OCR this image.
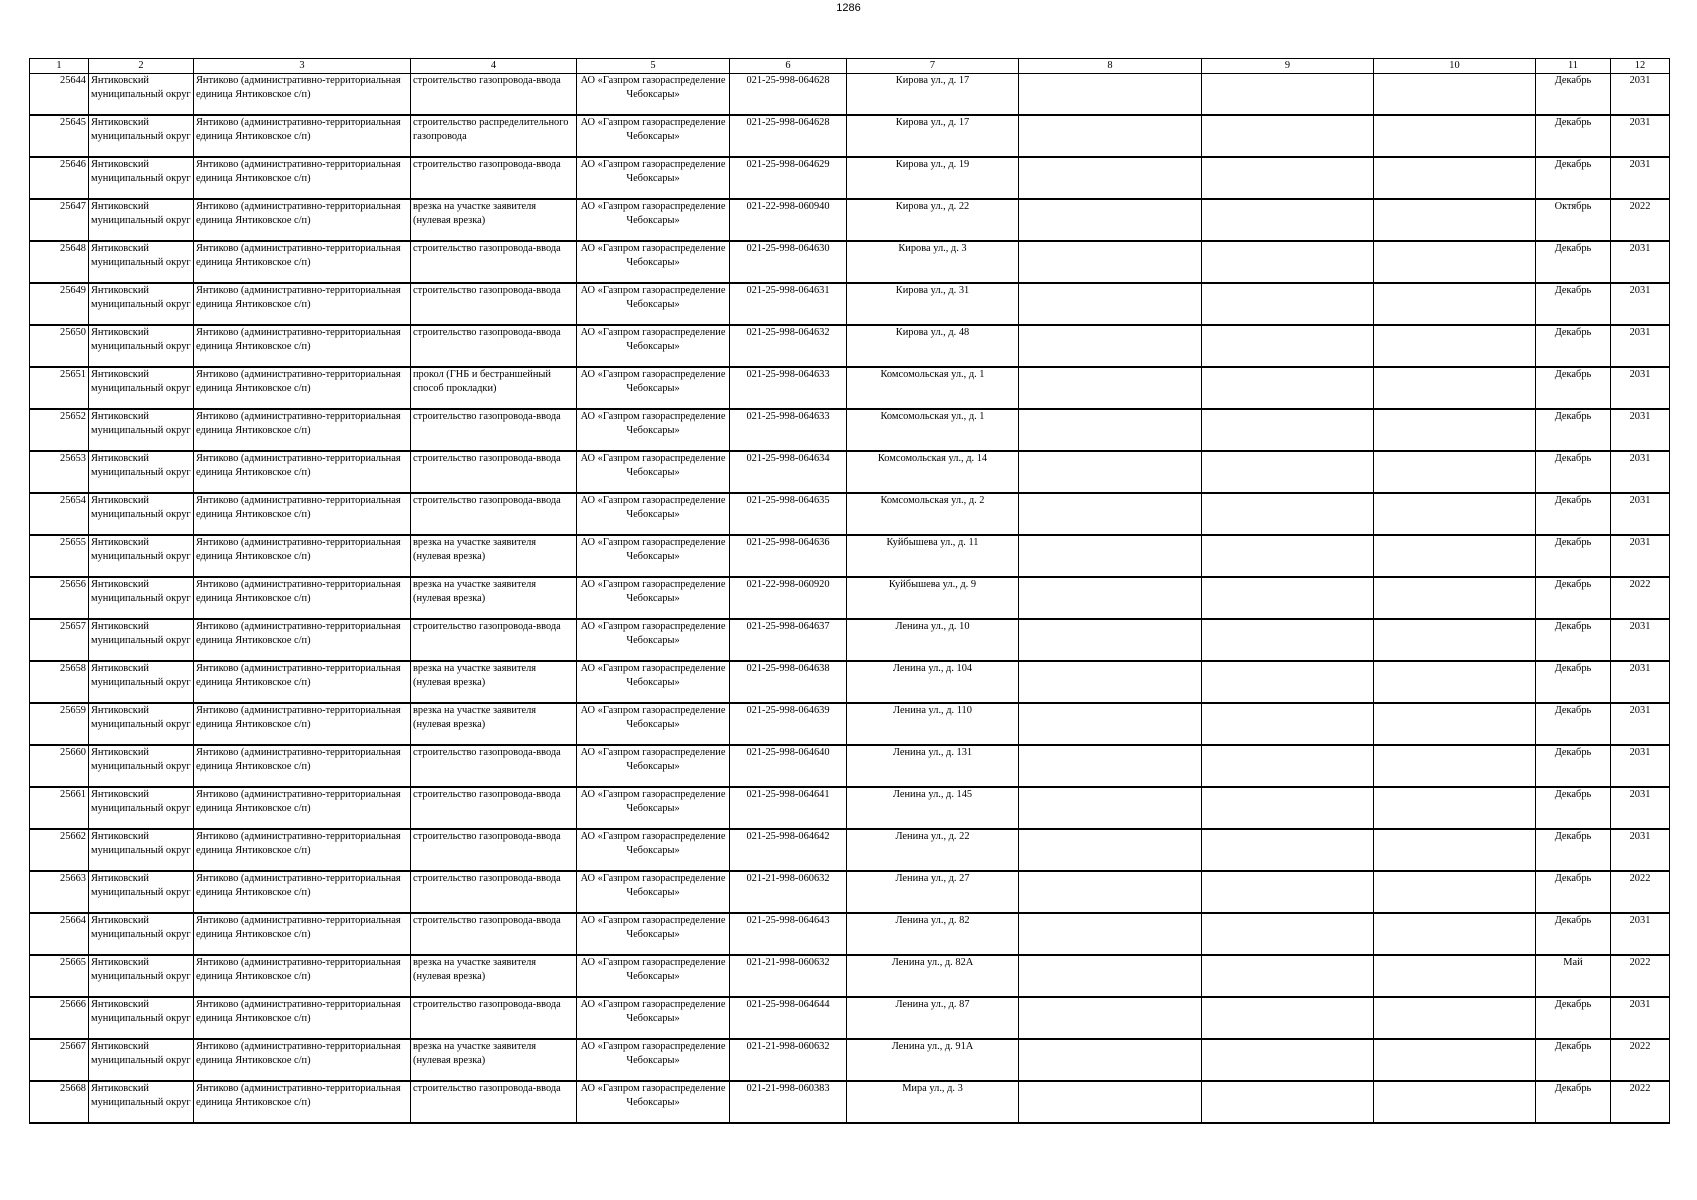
1286
1	2	3	4	5	6	7	8	9	10	11	12
25644	Янтиковский муниципальный округ	Янтиково (административно-территориальная единица Янтиковское с/п)	строительство газопровода-ввода	АО «Газпром газораспределение Чебоксары»	021-25-998-064628	Кирова ул., д. 17				Декабрь	2031
25645	Янтиковский муниципальный округ	Янтиково (административно-территориальная единица Янтиковское с/п)	строительство распределительного газопровода	АО «Газпром газораспределение Чебоксары»	021-25-998-064628	Кирова ул., д. 17				Декабрь	2031
25646	Янтиковский муниципальный округ	Янтиково (административно-территориальная единица Янтиковское с/п)	строительство газопровода-ввода	АО «Газпром газораспределение Чебоксары»	021-25-998-064629	Кирова ул., д. 19				Декабрь	2031
25647	Янтиковский муниципальный округ	Янтиково (административно-территориальная единица Янтиковское с/п)	врезка на участке заявителя (нулевая врезка)	АО «Газпром газораспределение Чебоксары»	021-22-998-060940	Кирова ул., д. 22				Октябрь	2022
25648	Янтиковский муниципальный округ	Янтиково (административно-территориальная единица Янтиковское с/п)	строительство газопровода-ввода	АО «Газпром газораспределение Чебоксары»	021-25-998-064630	Кирова ул., д. 3				Декабрь	2031
25649	Янтиковский муниципальный округ	Янтиково (административно-территориальная единица Янтиковское с/п)	строительство газопровода-ввода	АО «Газпром газораспределение Чебоксары»	021-25-998-064631	Кирова ул., д. 31				Декабрь	2031
25650	Янтиковский муниципальный округ	Янтиково (административно-территориальная единица Янтиковское с/п)	строительство газопровода-ввода	АО «Газпром газораспределение Чебоксары»	021-25-998-064632	Кирова ул., д. 48				Декабрь	2031
25651	Янтиковский муниципальный округ	Янтиково (административно-территориальная единица Янтиковское с/п)	прокол (ГНБ и бестраншейный способ прокладки)	АО «Газпром газораспределение Чебоксары»	021-25-998-064633	Комсомольская ул., д. 1				Декабрь	2031
25652	Янтиковский муниципальный округ	Янтиково (административно-территориальная единица Янтиковское с/п)	строительство газопровода-ввода	АО «Газпром газораспределение Чебоксары»	021-25-998-064633	Комсомольская ул., д. 1				Декабрь	2031
25653	Янтиковский муниципальный округ	Янтиково (административно-территориальная единица Янтиковское с/п)	строительство газопровода-ввода	АО «Газпром газораспределение Чебоксары»	021-25-998-064634	Комсомольская ул., д. 14				Декабрь	2031
25654	Янтиковский муниципальный округ	Янтиково (административно-территориальная единица Янтиковское с/п)	строительство газопровода-ввода	АО «Газпром газораспределение Чебоксары»	021-25-998-064635	Комсомольская ул., д. 2				Декабрь	2031
25655	Янтиковский муниципальный округ	Янтиково (административно-территориальная единица Янтиковское с/п)	врезка на участке заявителя (нулевая врезка)	АО «Газпром газораспределение Чебоксары»	021-25-998-064636	Куйбышева ул., д. 11				Декабрь	2031
25656	Янтиковский муниципальный округ	Янтиково (административно-территориальная единица Янтиковское с/п)	врезка на участке заявителя (нулевая врезка)	АО «Газпром газораспределение Чебоксары»	021-22-998-060920	Куйбышева ул., д. 9				Декабрь	2022
25657	Янтиковский муниципальный округ	Янтиково (административно-территориальная единица Янтиковское с/п)	строительство газопровода-ввода	АО «Газпром газораспределение Чебоксары»	021-25-998-064637	Ленина ул., д. 10				Декабрь	2031
25658	Янтиковский муниципальный округ	Янтиково (административно-территориальная единица Янтиковское с/п)	врезка на участке заявителя (нулевая врезка)	АО «Газпром газораспределение Чебоксары»	021-25-998-064638	Ленина ул., д. 104				Декабрь	2031
25659	Янтиковский муниципальный округ	Янтиково (административно-территориальная единица Янтиковское с/п)	врезка на участке заявителя (нулевая врезка)	АО «Газпром газораспределение Чебоксары»	021-25-998-064639	Ленина ул., д. 110				Декабрь	2031
25660	Янтиковский муниципальный округ	Янтиково (административно-территориальная единица Янтиковское с/п)	строительство газопровода-ввода	АО «Газпром газораспределение Чебоксары»	021-25-998-064640	Ленина ул., д. 131				Декабрь	2031
25661	Янтиковский муниципальный округ	Янтиково (административно-территориальная единица Янтиковское с/п)	строительство газопровода-ввода	АО «Газпром газораспределение Чебоксары»	021-25-998-064641	Ленина ул., д. 145				Декабрь	2031
25662	Янтиковский муниципальный округ	Янтиково (административно-территориальная единица Янтиковское с/п)	строительство газопровода-ввода	АО «Газпром газораспределение Чебоксары»	021-25-998-064642	Ленина ул., д. 22				Декабрь	2031
25663	Янтиковский муниципальный округ	Янтиково (административно-территориальная единица Янтиковское с/п)	строительство газопровода-ввода	АО «Газпром газораспределение Чебоксары»	021-21-998-060632	Ленина ул., д. 27				Декабрь	2022
25664	Янтиковский муниципальный округ	Янтиково (административно-территориальная единица Янтиковское с/п)	строительство газопровода-ввода	АО «Газпром газораспределение Чебоксары»	021-25-998-064643	Ленина ул., д. 82				Декабрь	2031
25665	Янтиковский муниципальный округ	Янтиково (административно-территориальная единица Янтиковское с/п)	врезка на участке заявителя (нулевая врезка)	АО «Газпром газораспределение Чебоксары»	021-21-998-060632	Ленина ул., д. 82А				Май	2022
25666	Янтиковский муниципальный округ	Янтиково (административно-территориальная единица Янтиковское с/п)	строительство газопровода-ввода	АО «Газпром газораспределение Чебоксары»	021-25-998-064644	Ленина ул., д. 87				Декабрь	2031
25667	Янтиковский муниципальный округ	Янтиково (административно-территориальная единица Янтиковское с/п)	врезка на участке заявителя (нулевая врезка)	АО «Газпром газораспределение Чебоксары»	021-21-998-060632	Ленина ул., д. 91А				Декабрь	2022
25668	Янтиковский муниципальный округ	Янтиково (административно-территориальная единица Янтиковское с/п)	строительство газопровода-ввода	АО «Газпром газораспределение Чебоксары»	021-21-998-060383	Мира ул., д. 3				Декабрь	2022
